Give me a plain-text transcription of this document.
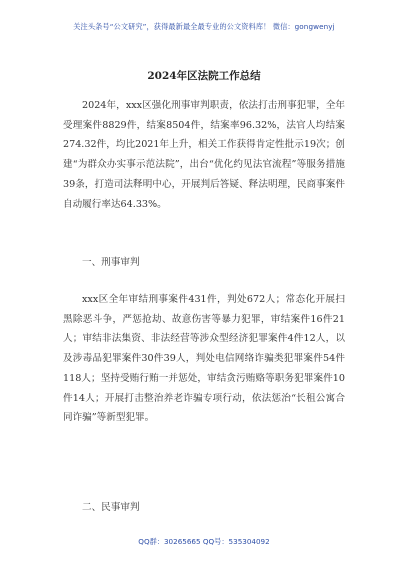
关注头条号“公文研究”，获得最新最全最专业的公文资料库！ 微信：gongwenyj
2024年区法院工作总结
2024年，xxx区强化刑事审判职责，依法打击刑事犯罪，全年受理案件8829件，结案8504件，结案率96.32%，法官人均结案274.32件，均比2021年上升，相关工作获得肯定性批示19次；创建“为群众办实事示范法院”，出台“优化约见法官流程”等服务措施39条，打造司法释明中心，开展判后答疑、释法明理，民商事案件自动履行率达64.33%。
一、刑事审判
xxx区全年审结刑事案件431件，判处672人；常态化开展扫黑除恶斗争，严惩抢劫、故意伤害等暴力犯罪，审结案件16件21人；审结非法集资、非法经营等涉众型经济犯罪案件4件12人，以及涉毒品犯罪案件30件39人，判处电信网络诈骗类犯罪案件54件118人；坚持受贿行贿一并惩处，审结贪污贿赂等职务犯罪案件10件14人；开展打击整治养老诈骗专项行动，依法惩治“长租公寓合同诈骗”等新型犯罪。
二、民事审判
QQ群：30265665 QQ号：535304092
